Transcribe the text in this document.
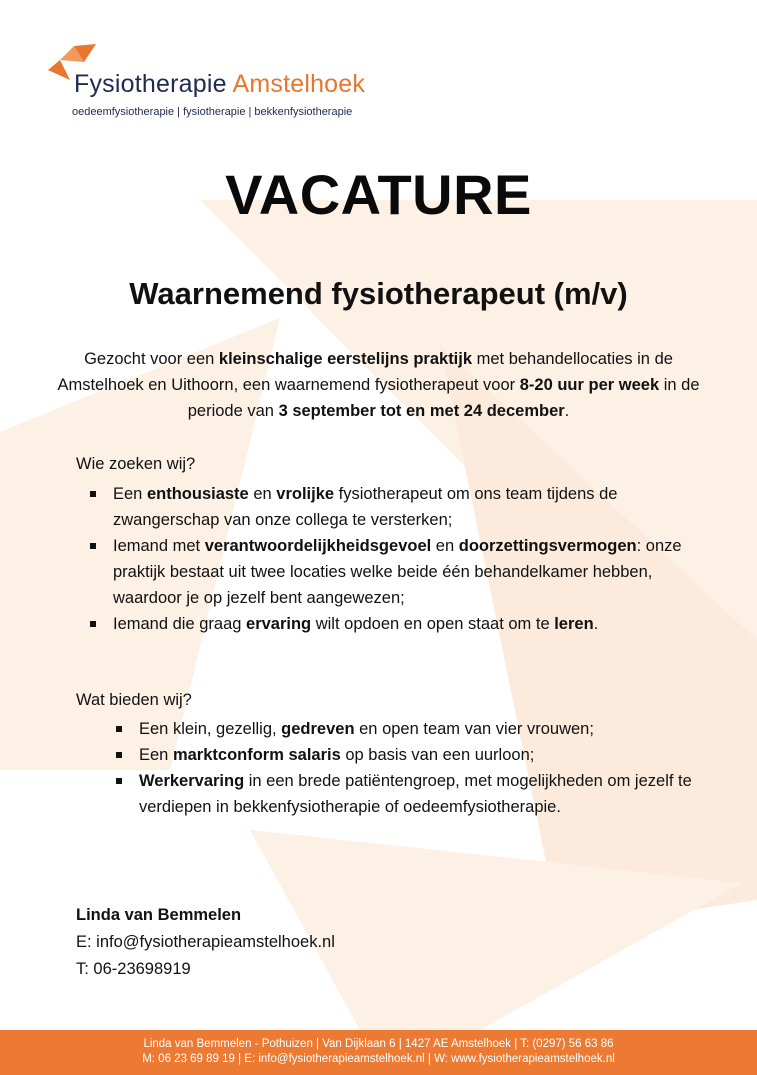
Fysiotherapie Amstelhoek
oedeemfysiotherapie | fysiotherapie | bekkenfysiotherapie
VACATURE
Waarnemend fysiotherapeut (m/v)

Gezocht voor een kleinschalige eerstelijns praktijk met behandellocaties in de Amstelhoek en Uithoorn, een waarnemend fysiotherapeut voor 8-20 uur per week in de periode van 3 september tot en met 24 december.

Wie zoeken wij?
Een enthousiaste en vrolijke fysiotherapeut om ons team tijdens de zwangerschap van onze collega te versterken;
Iemand met verantwoordelijkheidsgevoel en doorzettingsvermogen: onze praktijk bestaat uit twee locaties welke beide één behandelkamer hebben, waardoor je op jezelf bent aangewezen;
Iemand die graag ervaring wilt opdoen en open staat om te leren.
Wat bieden wij?
Een klein, gezellig, gedreven en open team van vier vrouwen;
Een marktconform salaris op basis van een uurloon;
Werkervaring in een brede patiëntengroep, met mogelijkheden om jezelf te verdiepen in bekkenfysiotherapie of oedeemfysiotherapie.
Linda van Bemmelen
E: info@fysiotherapieamstelhoek.nl
T: 06-23698919
Linda van Bemmelen - Pothuizen | Van Dijklaan 6 | 1427 AE Amstelhoek | T: (0297) 56 63 86
M: 06 23 69 89 19 | E: info@fysiotherapieamstelhoek.nl | W: www.fysiotherapieamstelhoek.nl
